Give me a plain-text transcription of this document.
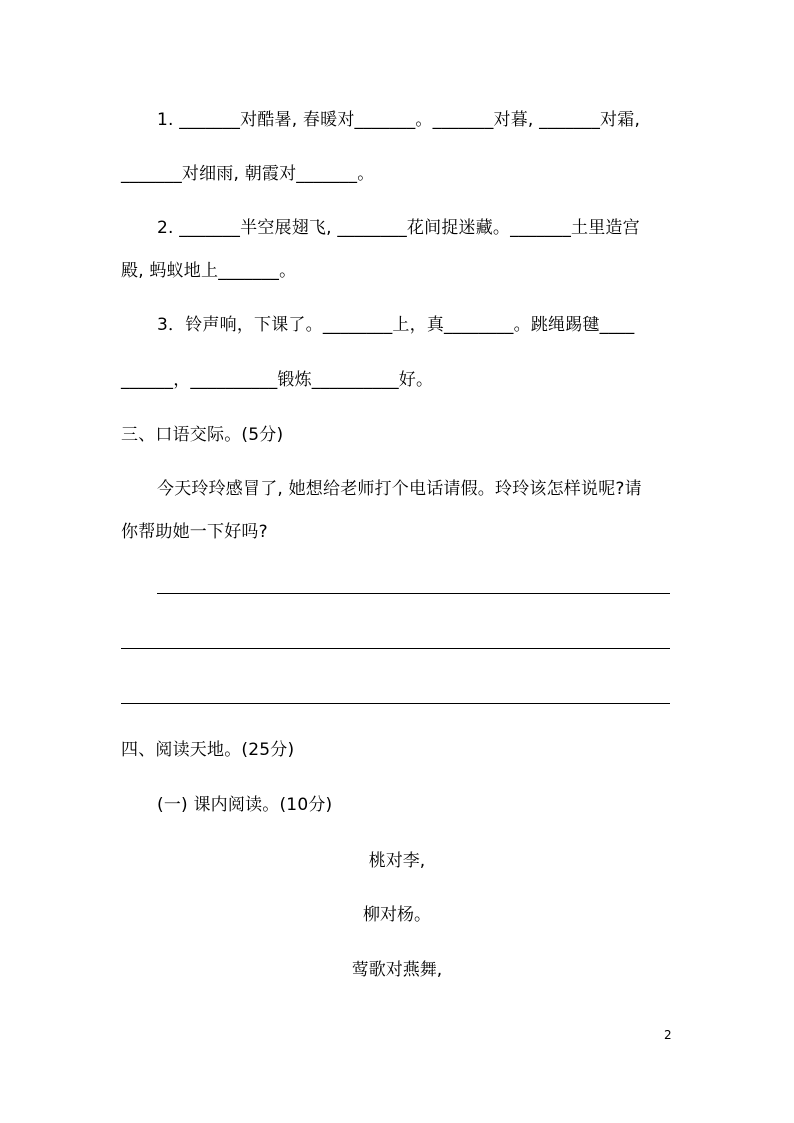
1. _______对酷暑, 春暖对_______。_______对暮, _______对霜,
_______对细雨, 朝霞对_______。
2. _______半空展翅飞, ________花间捉迷藏。_______土里造宫
殿, 蚂蚁地上_______。
3．铃声响，下课了。________上，真________。跳绳踢毽____
______，__________锻炼__________好。
三、口语交际。(5分)
今天玲玲感冒了, 她想给老师打个电话请假。玲玲该怎样说呢?请
你帮助她一下好吗?
四、阅读天地。(25分)
(一) 课内阅读。(10分)
桃对李,
柳对杨。
莺歌对燕舞,
2
